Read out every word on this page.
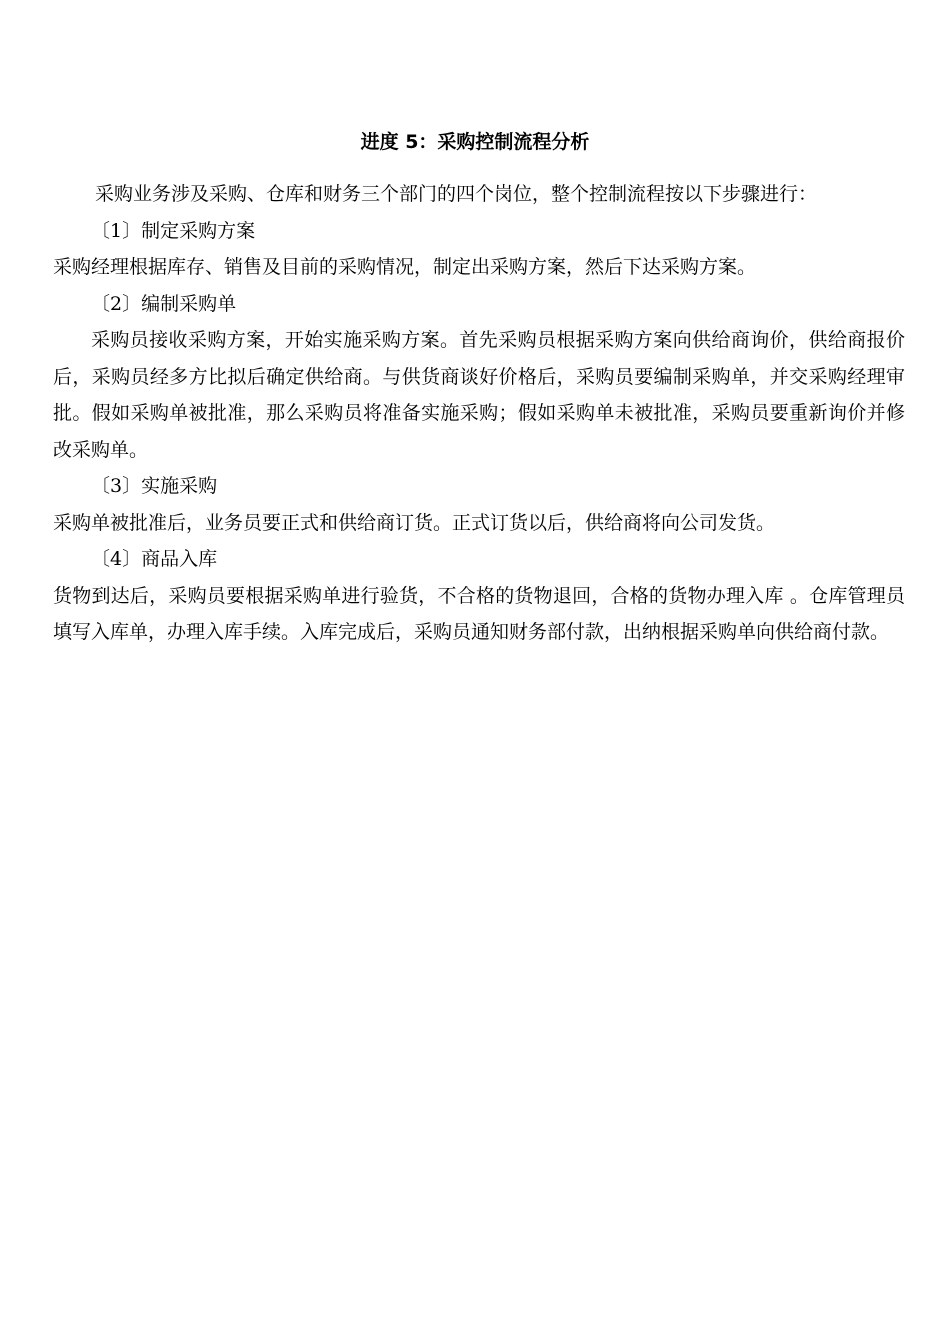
进度 5：采购控制流程分析

采购业务涉及采购、仓库和财务三个部门的四个岗位，整个控制流程按以下步骤进行：

〔1〕制定采购方案

采购经理根据库存、销售及目前的采购情况，制定出采购方案，然后下达采购方案。

〔2〕编制采购单

采购员接收采购方案，开始实施采购方案。首先采购员根据采购方案向供给商询价，供给商报价后，采购员经多方比拟后确定供给商。与供货商谈好价格后，采购员要编制采购单，并交采购经理审批。假如采购单被批准，那么采购员将准备实施采购；假如采购单未被批准，采购员要重新询价并修改采购单。

〔3〕实施采购

采购单被批准后，业务员要正式和供给商订货。正式订货以后，供给商将向公司发货。

〔4〕商品入库

货物到达后，采购员要根据采购单进行验货，不合格的货物退回，合格的货物办理入库 。仓库管理员填写入库单，办理入库手续。入库完成后，采购员通知财务部付款，出纳根据采购单向供给商付款。
